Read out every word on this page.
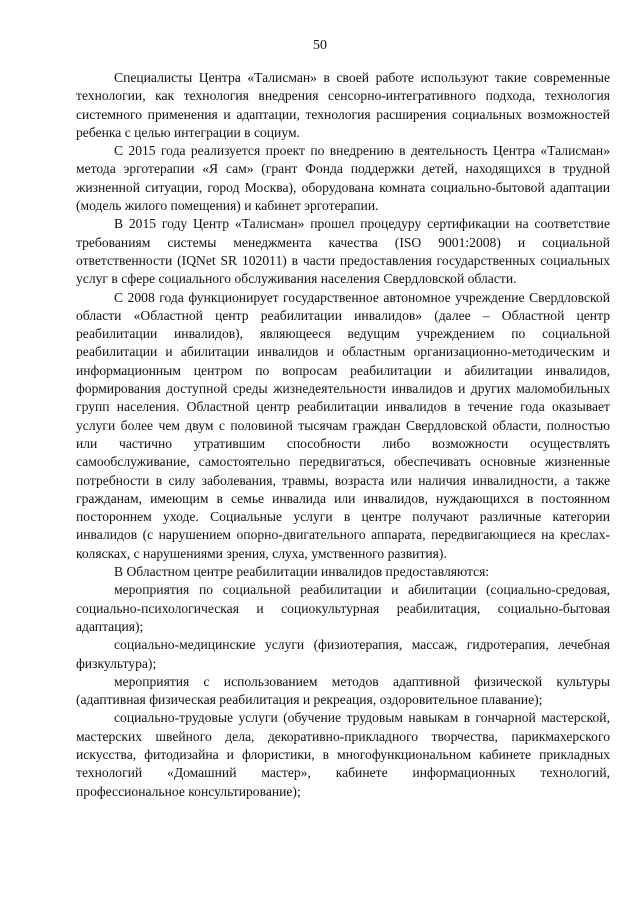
50

Специалисты Центра «Талисман» в своей работе используют такие современные технологии, как технология внедрения сенсорно-интегративного подхода, технология системного применения и адаптации, технология расширения социальных возможностей ребенка с целью интеграции в социум.

С 2015 года реализуется проект по внедрению в деятельность Центра «Талисман» метода эрготерапии «Я сам» (грант Фонда поддержки детей, находящихся в трудной жизненной ситуации, город Москва), оборудована комната социально-бытовой адаптации (модель жилого помещения) и кабинет эрготерапии.

В 2015 году Центр «Талисман» прошел процедуру сертификации на соответствие требованиям системы менеджмента качества (ISO 9001:2008) и социальной ответственности (IQNet SR 102011) в части предоставления государственных социальных услуг в сфере социального обслуживания населения Свердловской области.

С 2008 года функционирует государственное автономное учреждение Свердловской области «Областной центр реабилитации инвалидов» (далее – Областной центр реабилитации инвалидов), являющееся ведущим учреждением по социальной реабилитации и абилитации инвалидов и областным организационно-методическим и информационным центром по вопросам реабилитации и абилитации инвалидов, формирования доступной среды жизнедеятельности инвалидов и других маломобильных групп населения. Областной центр реабилитации инвалидов в течение года оказывает услуги более чем двум с половиной тысячам граждан Свердловской области, полностью или частично утратившим способности либо возможности осуществлять самообслуживание, самостоятельно передвигаться, обеспечивать основные жизненные потребности в силу заболевания, травмы, возраста или наличия инвалидности, а также гражданам, имеющим в семье инвалида или инвалидов, нуждающихся в постоянном постороннем уходе. Социальные услуги в центре получают различные категории инвалидов (с нарушением опорно-двигательного аппарата, передвигающиеся на креслах-колясках, с нарушениями зрения, слуха, умственного развития).

В Областном центре реабилитации инвалидов предоставляются:

мероприятия по социальной реабилитации и абилитации (социально-средовая, социально-психологическая и социокультурная реабилитация, социально-бытовая адаптация);

социально-медицинские услуги (физиотерапия, массаж, гидротерапия, лечебная физкультура);

мероприятия с использованием методов адаптивной физической культуры (адаптивная физическая реабилитация и рекреация, оздоровительное плавание);

социально-трудовые услуги (обучение трудовым навыкам в гончарной мастерской, мастерских швейного дела, декоративно-прикладного творчества, парикмахерского искусства, фитодизайна и флористики, в многофункциональном кабинете прикладных технологий «Домашний мастер», кабинете информационных технологий, профессиональное консультирование);
